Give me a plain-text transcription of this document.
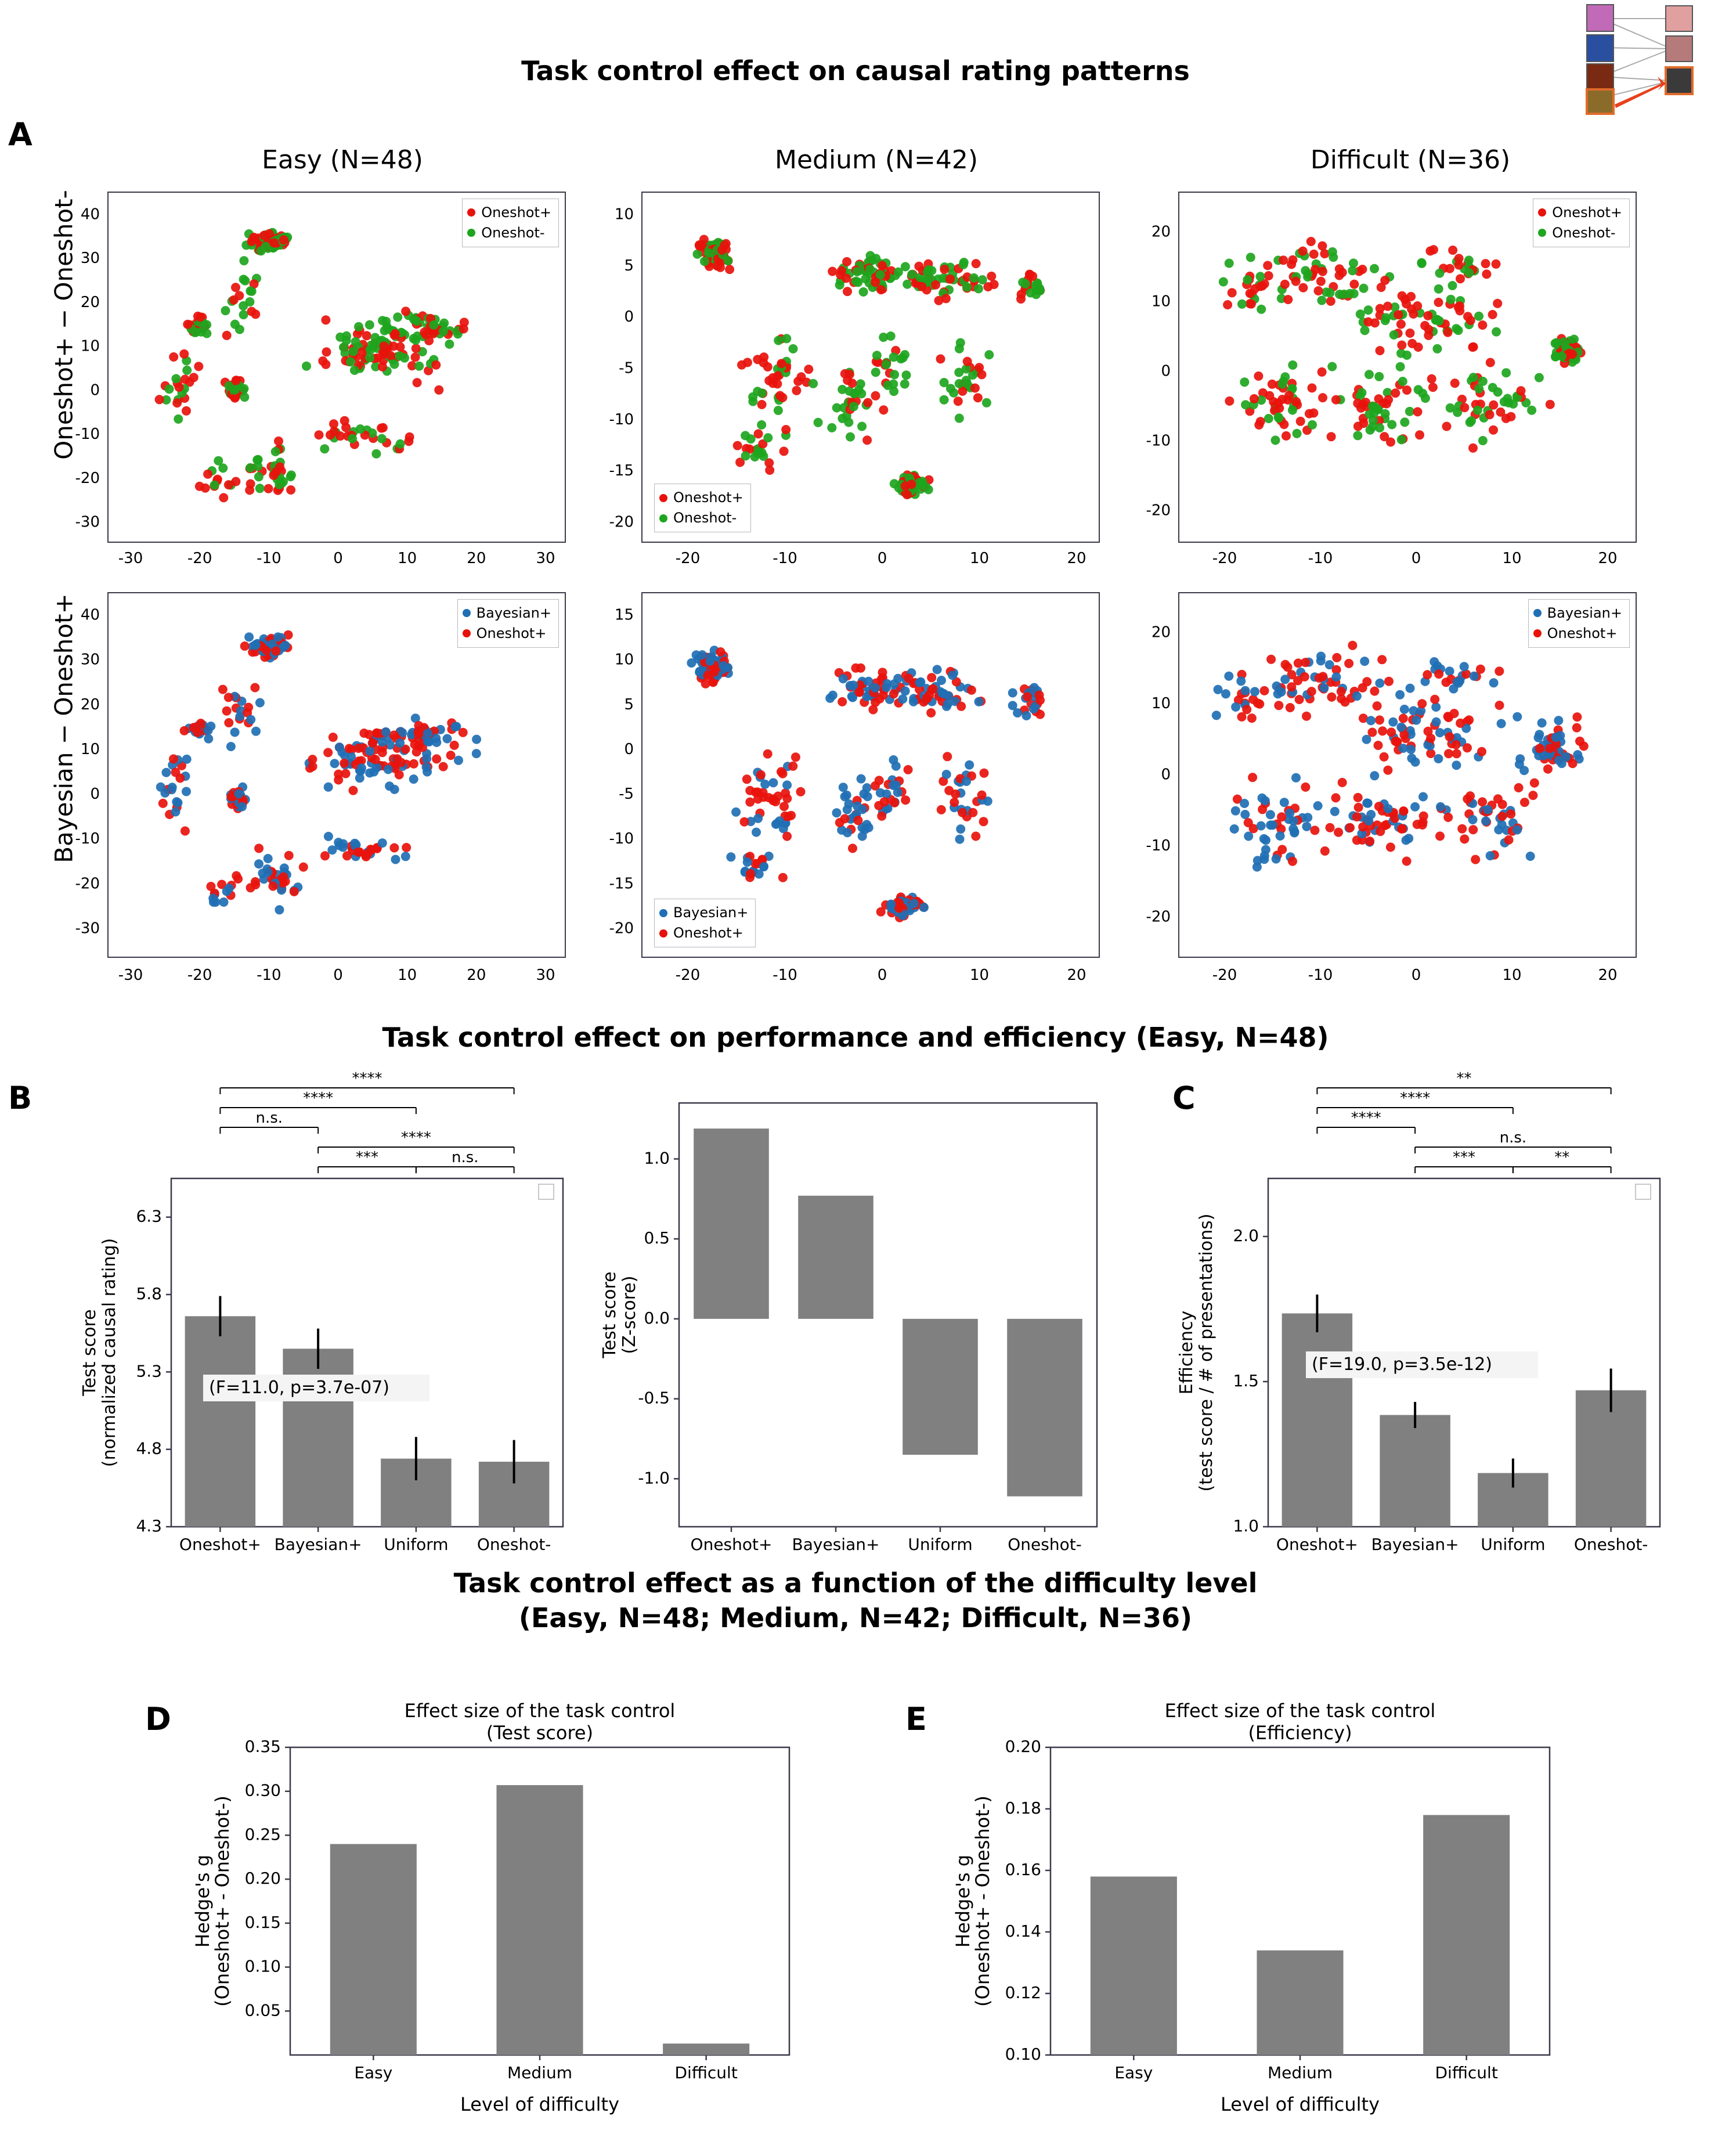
Task control effect on causal rating patterns
A
Easy (N=48)	Medium (N=42)	Difficult (N=36)
Oneshot+ − Oneshot-
Bayesian − Oneshot+
Oneshot+
Oneshot-
Oneshot+
Oneshot-
Oneshot+
Oneshot-
Bayesian+
Oneshot+
Bayesian+
Oneshot+
Bayesian+
Oneshot+
-30	-20	-10	0	10	20	30
-30
-20
-10
0
10
20
30
40
-20	-10	0	10	20
-20
-15
-10
-5
0
5
10
-20	-10	0	10	20
-20
-10
0
10
20
-30	-20	-10	0	10	20	30
-30
-20
-10
0
10
20
30
40
-20	-10	0	10	20
-20
-15
-10
-5
0
5
10
15
-20	-10	0	10	20
-20
-10
0
10
20
Task control effect on performance and efficiency (Easy, N=48)
B	C
4.3
4.8
5.3
5.8
6.3
Oneshot+ Bayesian+ Uniform Oneshot-
****
****
n.s.
****
***	n.s.
(F=11.0, p=3.7e-07)
Test score (normalized causal rating)
-1.0
-0.5
0.0
0.5
1.0
Oneshot+ Bayesian+ Uniform Oneshot-
Test score (Z-score)
1.0
1.5
2.0
Oneshot+ Bayesian+ Uniform Oneshot-
**
****
****
n.s.
***	**
(F=19.0, p=3.5e-12)
Efficiency (test score / # of presentations)
Task control effect as a function of the difficulty level
(Easy, N=48; Medium, N=42; Difficult, N=36)
D	E
0.05
0.10
0.15
0.20
0.25
0.30
0.35
Easy	Medium	Difficult
Hedge's g
(Oneshot+ - Oneshot-)
Level of difficulty
Effect size of the task control
(Test score)
0.10
0.12
0.14
0.16
0.18
0.20
Easy	Medium	Difficult
Hedge's g
(Oneshot+ - Oneshot-)
Level of difficulty
Effect size of the task control
(Efficiency)
